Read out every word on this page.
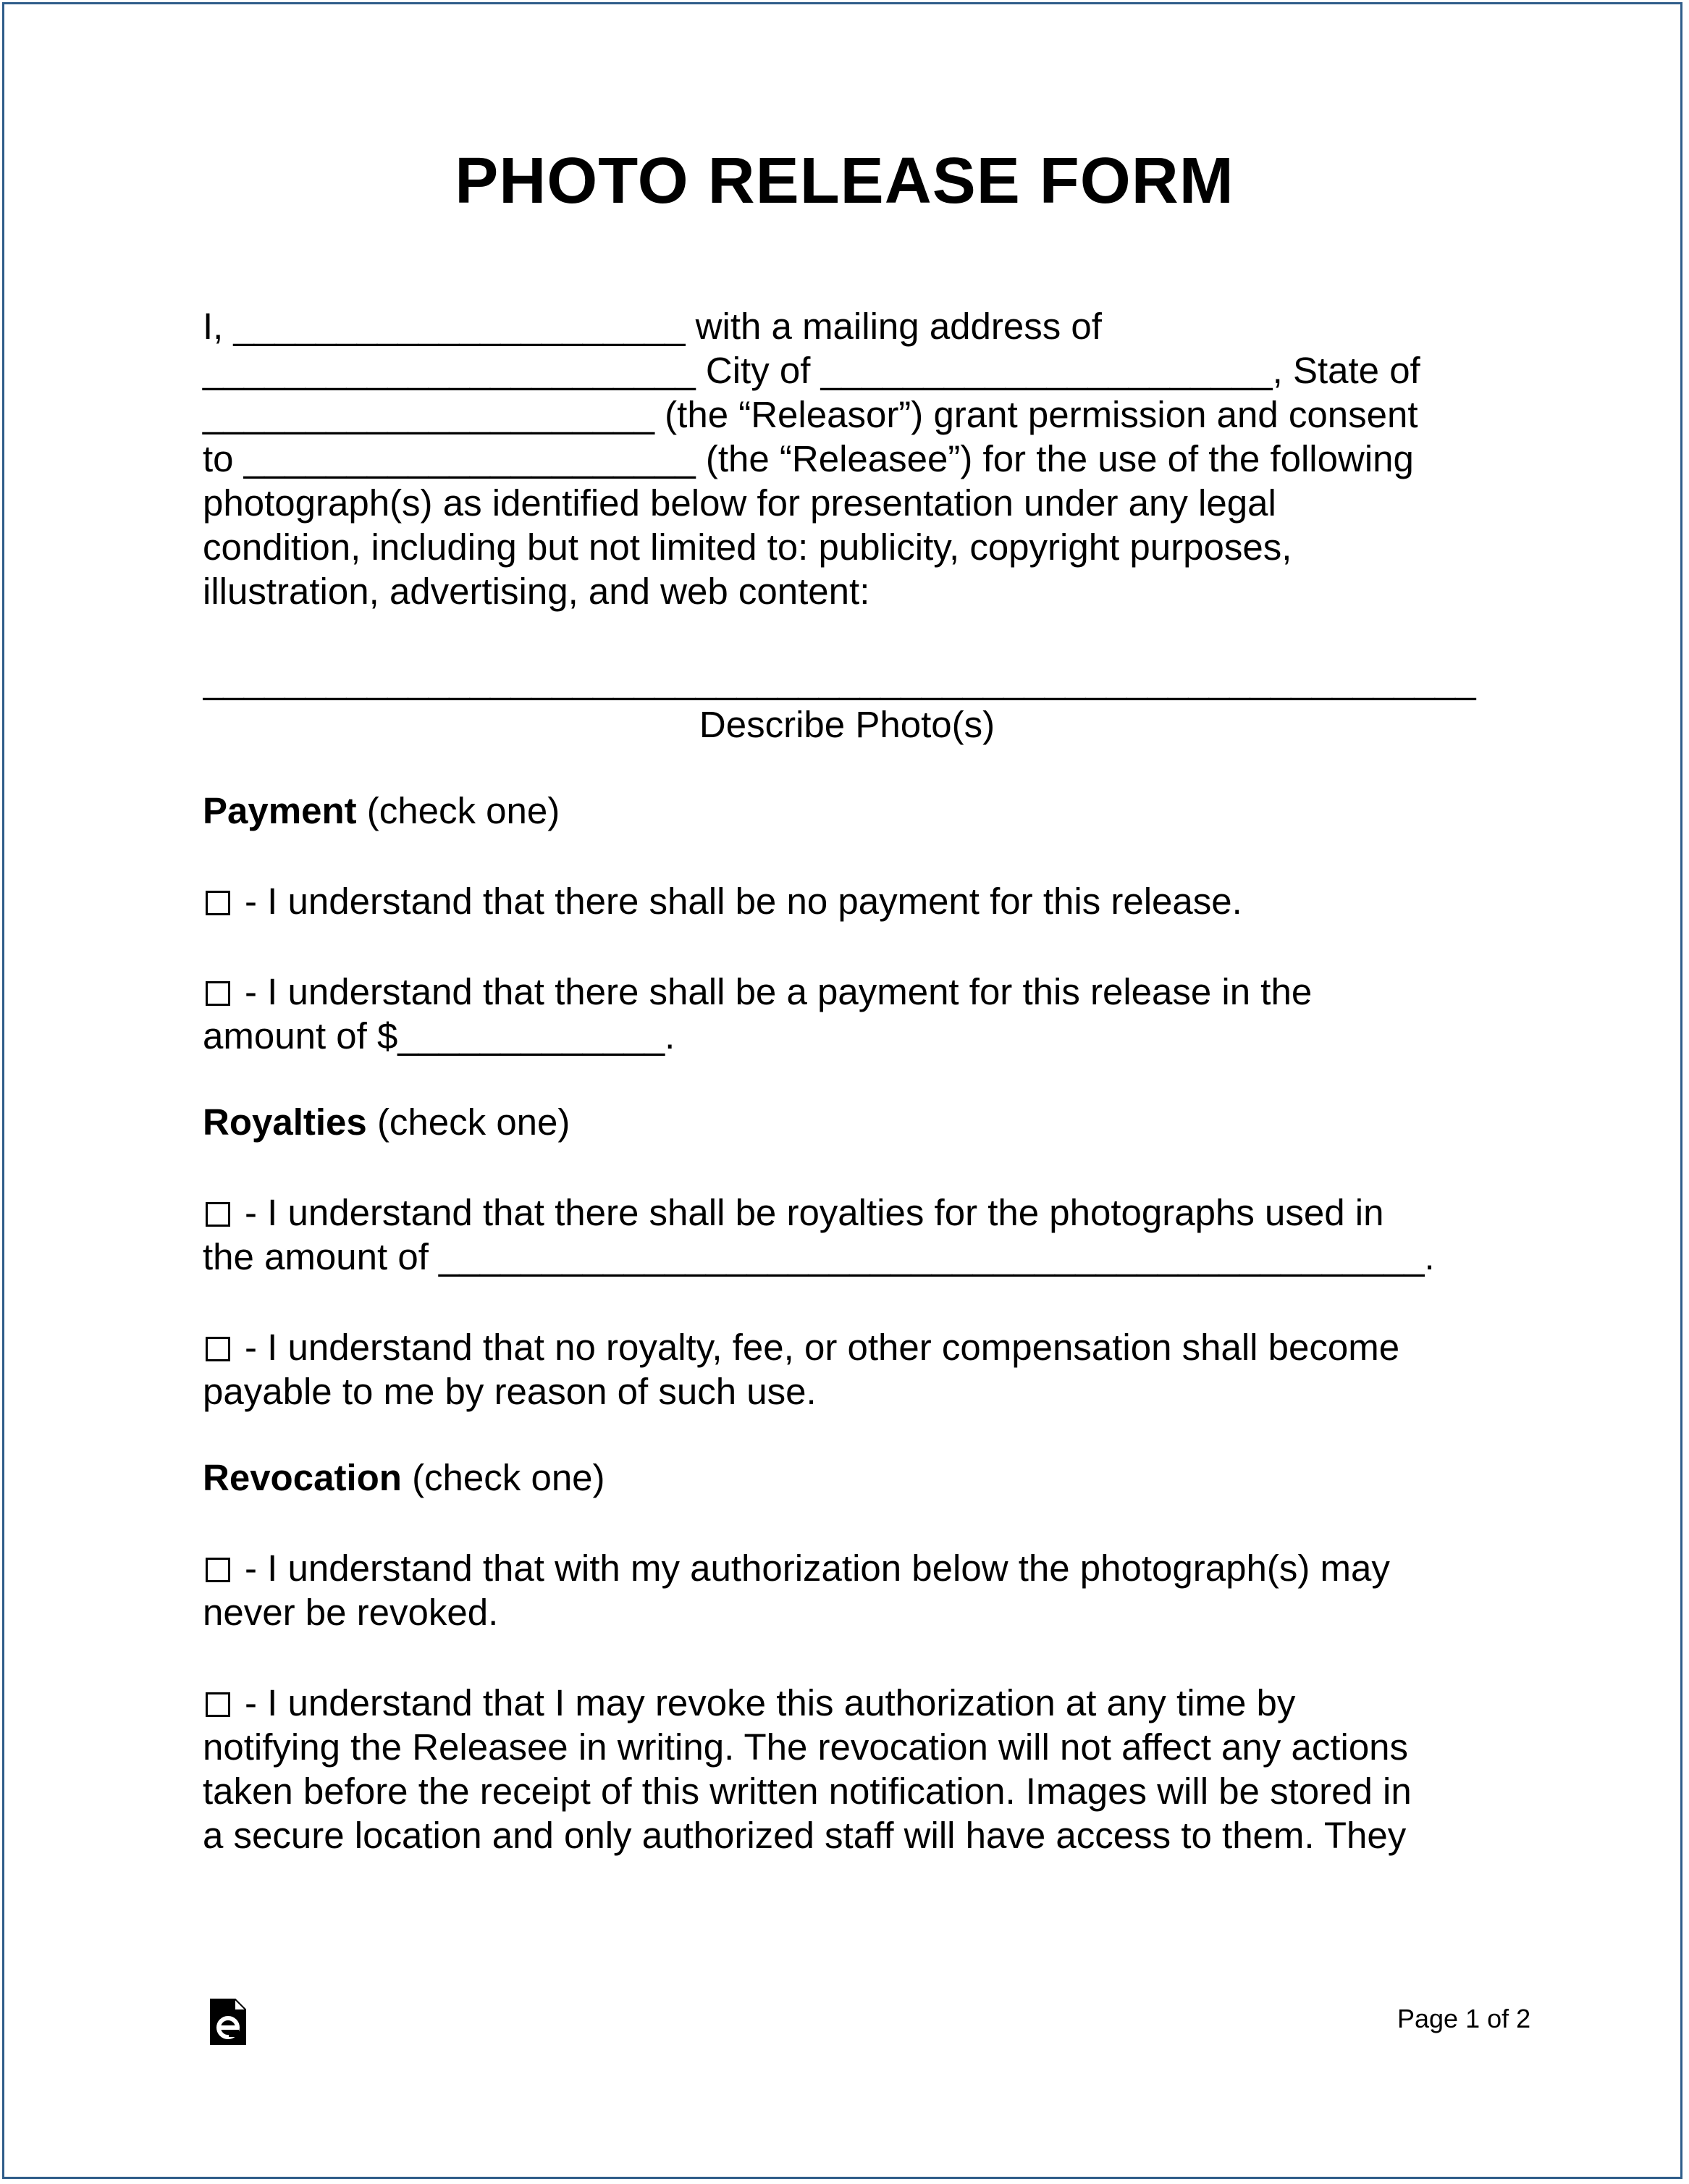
PHOTO RELEASE FORM
I, ______________________ with a mailing address of
________________________ City of ______________________, State of
______________________ (the “Releasor”) grant permission and consent
to ______________________ (the “Releasee”) for the use of the following
photograph(s) as identified below for presentation under any legal
condition, including but not limited to: publicity, copyright purposes,
illustration, advertising, and web content:
______________________________________________________________
Describe Photo(s)
Payment (check one)
- I understand that there shall be no payment for this release.
- I understand that there shall be a payment for this release in the
amount of $_____________.
Royalties (check one)
- I understand that there shall be royalties for the photographs used in
the amount of ________________________________________________.
- I understand that no royalty, fee, or other compensation shall become
payable to me by reason of such use.
Revocation (check one)
- I understand that with my authorization below the photograph(s) may
never be revoked.
- I understand that I may revoke this authorization at any time by
notifying the Releasee in writing. The revocation will not affect any actions
taken before the receipt of this written notification. Images will be stored in
a secure location and only authorized staff will have access to them. They
Page 1 of 2
